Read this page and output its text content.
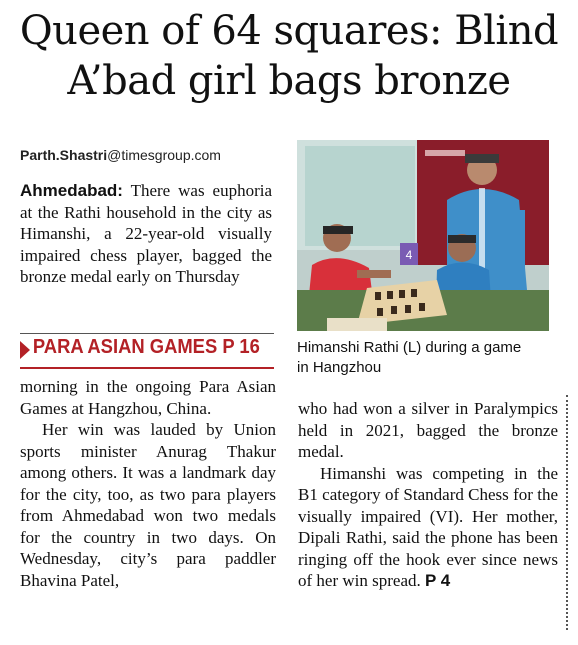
Queen of 64 squares: Blind
A’bad girl bags bronze
Parth.Shastri@timesgroup.com
Ahmedabad: There was euphoria at the Rathi household in the city as Himanshi, a 22-year-old visually impaired chess player, bagged the bronze medal early on Thursday
PARA ASIAN GAMES P 16
4
Himanshi Rathi (L) during a game
in Hangzhou

morning in the ongoing Para Asian Games at Hangzhou, China.

Her win was lauded by Union sports minister Anurag Thakur among others. It was a landmark day for the city, too, as two para players from Ahmedabad won two medals for the country in two days. On Wednesday, city’s para paddler Bhavina Patel,

who had won a silver in Paralympics held in 2021, bagged the bronze medal.

Himanshi was competing in the B1 category of Standard Chess for the visually impaired (VI). Her mother, Dipali Rathi, said the phone has been ringing off the hook ever since news of her win spread. P 4
